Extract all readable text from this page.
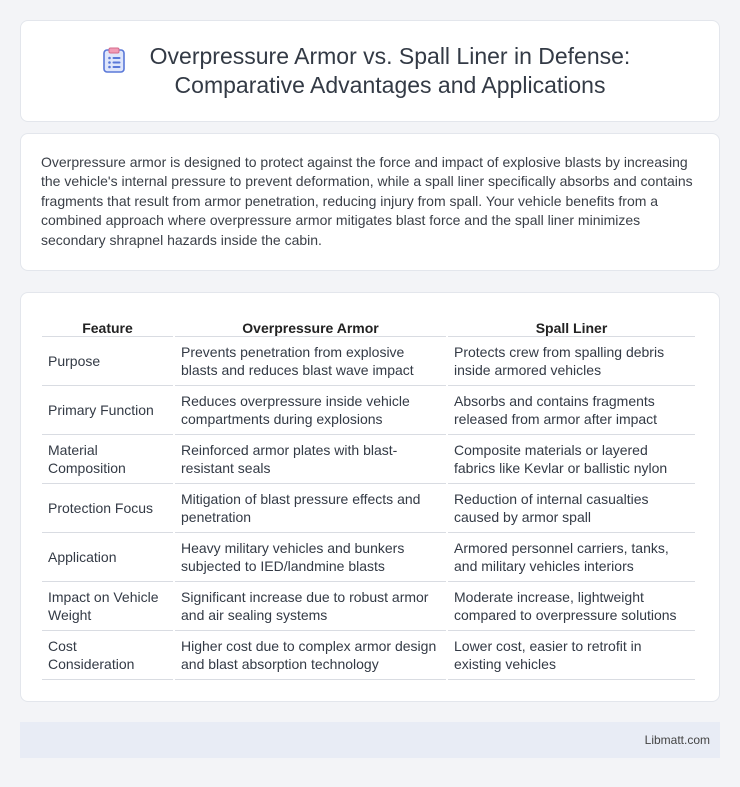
Overpressure Armor vs. Spall Liner in Defense: Comparative Advantages and Applications

Overpressure armor is designed to protect against the force and impact of explosive blasts by increasing the vehicle's internal pressure to prevent deformation, while a spall liner specifically absorbs and contains fragments that result from armor penetration, reducing injury from spall. Your vehicle benefits from a combined approach where overpressure armor mitigates blast force and the spall liner minimizes secondary shrapnel hazards inside the cabin.

Feature	Overpressure Armor	Spall Liner
Purpose	Prevents penetration from explosive blasts and reduces blast wave impact	Protects crew from spalling debris inside armored vehicles
Primary Function	Reduces overpressure inside vehicle compartments during explosions	Absorbs and contains fragments released from armor after impact
Material Composition	Reinforced armor plates with blast-resistant seals	Composite materials or layered fabrics like Kevlar or ballistic nylon
Protection Focus	Mitigation of blast pressure effects and penetration	Reduction of internal casualties caused by armor spall
Application	Heavy military vehicles and bunkers subjected to IED/landmine blasts	Armored personnel carriers, tanks, and military vehicles interiors
Impact on Vehicle Weight	Significant increase due to robust armor and air sealing systems	Moderate increase, lightweight compared to overpressure solutions
Cost Consideration	Higher cost due to complex armor design and blast absorption technology	Lower cost, easier to retrofit in existing vehicles
Libmatt.com
